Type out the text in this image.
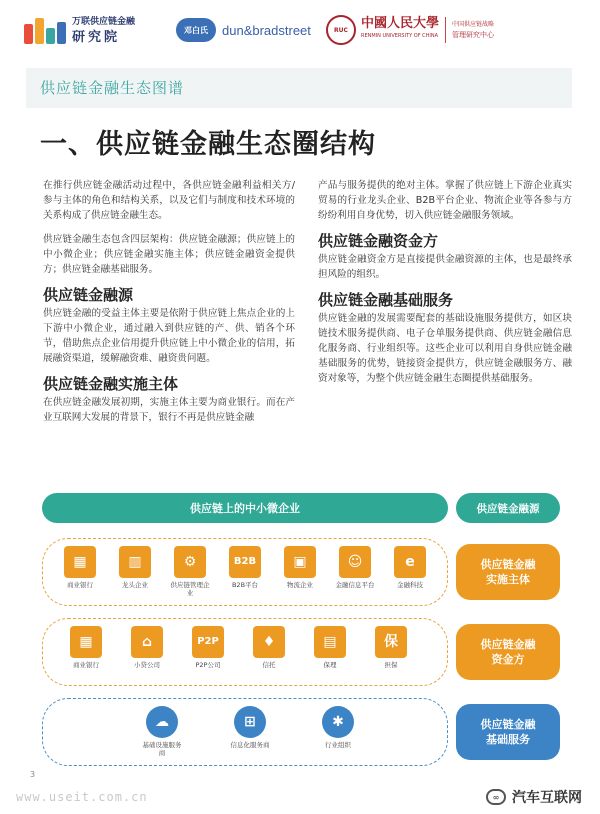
万联供应链金融
研究院	邓白氏	dun&bradstreet	RUC	中國人民大學
RENMIN UNIVERSITY OF CHINA
中国供应链战略
管理研究中心
供应链金融生态图谱
一、供应链金融生态圈结构

在推行供应链金融活动过程中，各供应链金融利益相关方/参与主体的角色和结构关系，以及它们与制度和技术环境的关系构成了供应链金融生态。

供应链金融生态包含四层架构：供应链金融源；供应链上的中小微企业；供应链金融实施主体；供应链金融资金提供方；供应链金融基础服务。

供应链金融源

供应链金融的受益主体主要是依附于供应链上焦点企业的上下游中小微企业，通过融入到供应链的产、供、销各个环节，借助焦点企业信用提升供应链上中小微企业的信用，拓展融资渠道，缓解融资难、融资贵问题。

供应链金融实施主体

在供应链金融发展初期，实施主体主要为商业银行。而在产业互联网大发展的背景下，银行不再是供应链金融

产品与服务提供的绝对主体。掌握了供应链上下游企业真实贸易的行业龙头企业、B2B平台企业、物流企业等各参与方纷纷利用自身优势，切入供应链金融服务领域。

供应链金融资金方

供应链金融资金方是直接提供金融资源的主体，也是最终承担风险的组织。

供应链金融基础服务

供应链金融的发展需要配套的基础设施服务提供方，如区块链技术服务提供商、电子仓单服务提供商、供应链金融信息化服务商、行业组织等。这些企业可以利用自身供应链金融基础服务的优势，链接资金提供方，供应链金融服务方、融资对象等，为整个供应链金融生态圈提供基础服务。

供应链上的中小微企业	供应链金融源
▦
商业银行
▥
龙头企业
⚙
供应链管理企业
B2B
B2B平台
▣
物流企业
☺
金融信息平台
e
金融科技
▦
商业银行
⌂
小贷公司
P2P
P2P公司
♦
信托
▤
保理
保
担保
☁
基础设施服务商
⊞
信息化服务商
✱
行业组织
供应链金融
实施主体
供应链金融
资金方
供应链金融
基础服务
3
www.useit.com.cn	∞ 汽车互联网
